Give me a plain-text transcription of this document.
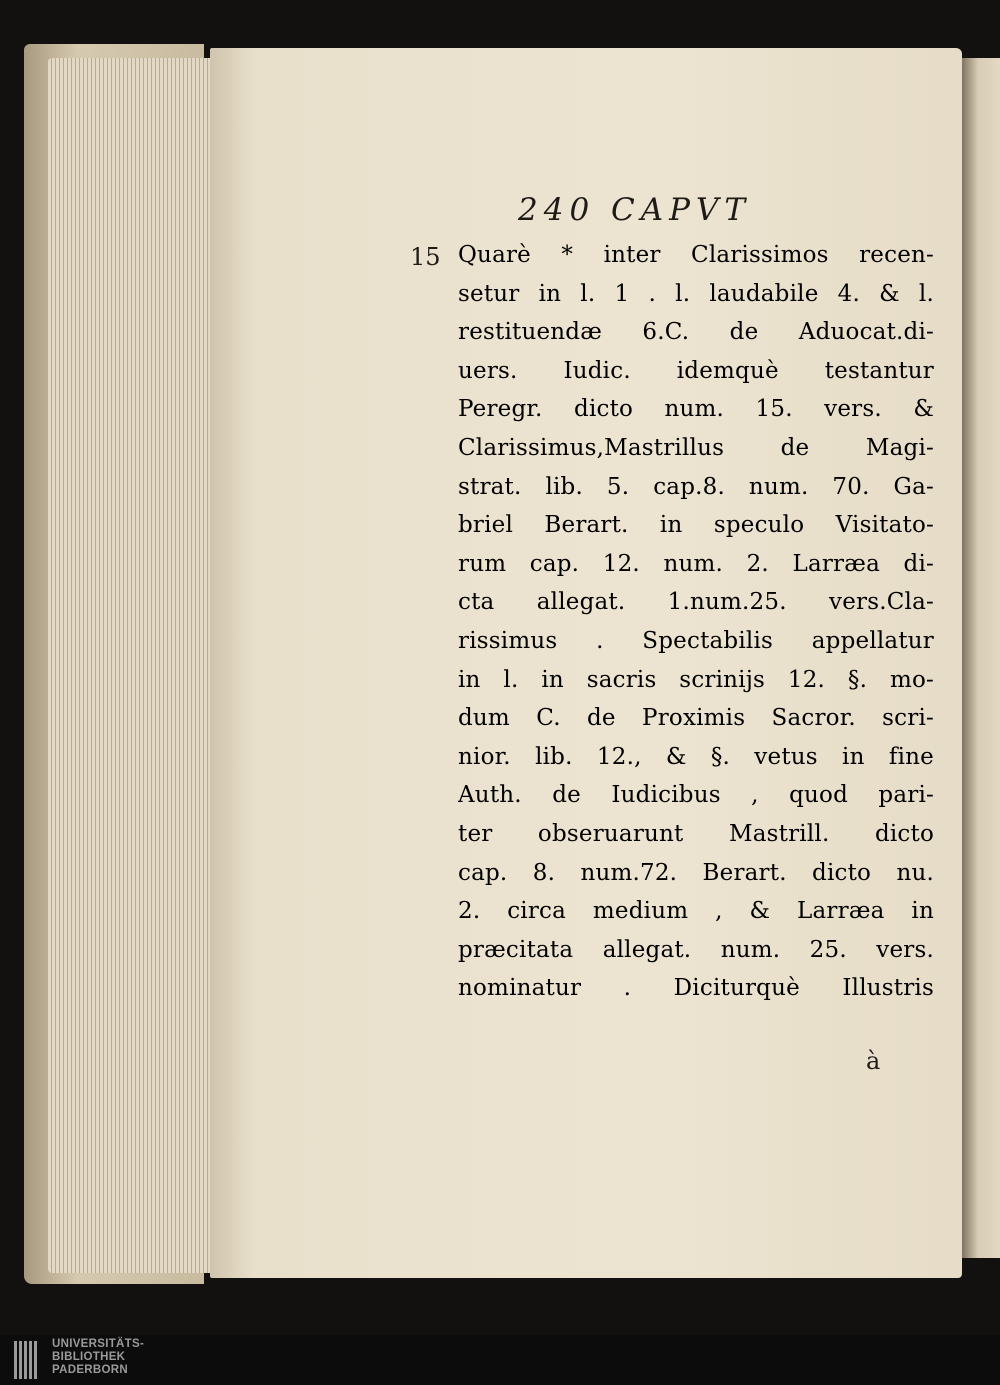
240 CAPVT
15 Quarè * inter Clarissimos recen-
setur in l. 1 . l. laudabile 4. & l.
restituendæ 6.C. de Aduocat.di-
uers. Iudic. idemquè testantur
Peregr. dicto num. 15. vers. &
Clarissimus,Mastrillus de Magi-
strat. lib. 5. cap.8. num. 70. Ga-
briel Berart. in speculo Visitato-
rum cap. 12. num. 2. Larræa di-
cta allegat. 1.num.25. vers.Cla-
rissimus . Spectabilis appellatur
in l. in sacris scrinijs 12. §. mo-
dum C. de Proximis Sacror. scri-
nior. lib. 12., & §. vetus in fine
Auth. de Iudicibus , quod pari-
ter obseruarunt Mastrill. dicto
cap. 8. num.72. Berart. dicto nu.
2. circa medium , & Larræa in
præcitata allegat. num. 25. vers.
nominatur . Diciturquè Illustris
à
UNIVERSITÄTS-
BIBLIOTHEK
PADERBORN
